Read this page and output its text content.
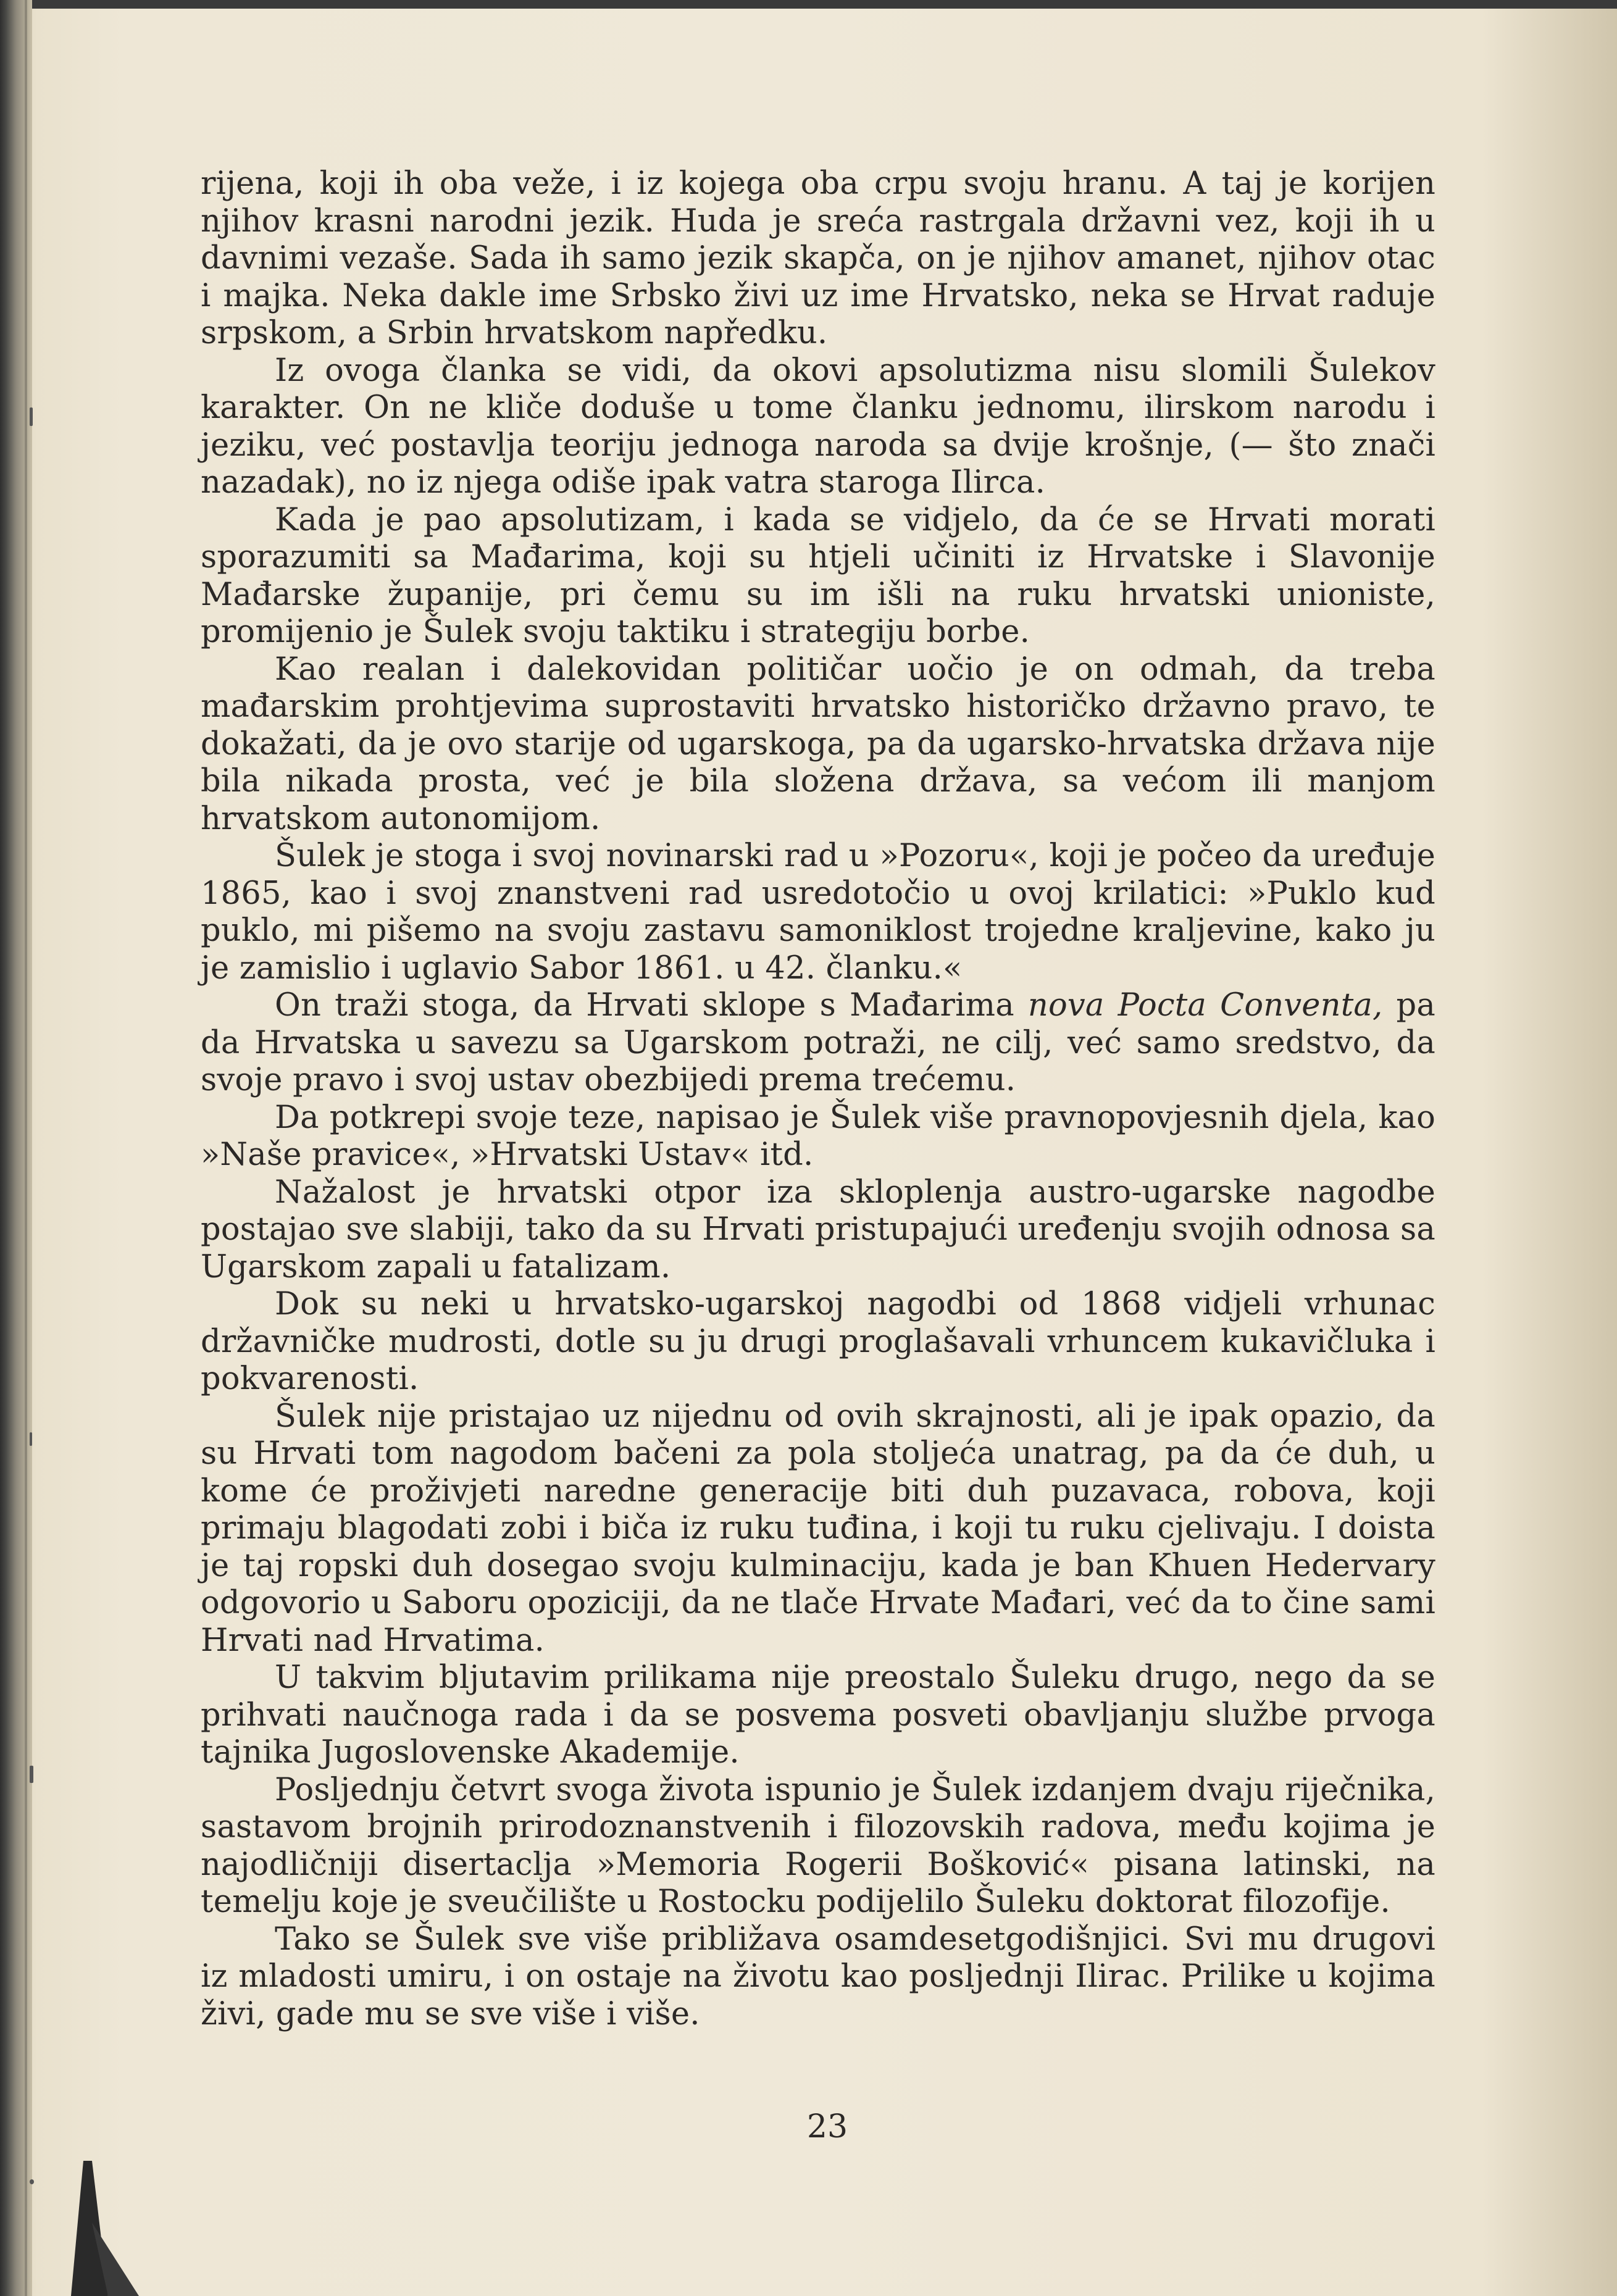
rijena, koji ih oba veže, i iz kojega oba crpu svoju hranu. A taj je korijen njihov krasni narodni jezik. Huda je sreća rastrgala državni vez, koji ih u davnimi vezaše. Sada ih samo jezik skapča, on je njihov amanet, njihov otac i majka. Neka dakle ime Srbsko živi uz ime Hrvatsko, neka se Hrvat raduje srpskom, a Srbin hrvatskom napředku.

Iz ovoga članka se vidi, da okovi apsolutizma nisu slomili Šulekov karakter. On ne kliče doduše u tome članku jednomu, ilirskom narodu i jeziku, već postavlja teoriju jednoga naroda sa dvije krošnje, (— što znači nazadak), no iz njega odiše ipak vatra staroga Ilirca.

Kada je pao apsolutizam, i kada se vidjelo, da će se Hrvati morati sporazumiti sa Mađarima, koji su htjeli učiniti iz Hrvatske i Slavonije Mađarske županije, pri čemu su im išli na ruku hrvatski unioniste, promijenio je Šulek svoju taktiku i strategiju borbe.

Kao realan i dalekovidan političar uočio je on odmah, da treba mađarskim prohtjevima suprostaviti hrvatsko historičko državno pravo, te dokažati, da je ovo starije od ugarskoga, pa da ugarsko-hrvatska država nije bila nikada prosta, već je bila složena država, sa većom ili manjom hrvatskom autonomijom.

Šulek je stoga i svoj novinarski rad u »Pozoru«, koji je počeo da uređuje 1865, kao i svoj znanstveni rad usredotočio u ovoj krilatici: »Puklo kud puklo, mi pišemo na svoju zastavu samoniklost trojedne kraljevine, kako ju je zamislio i uglavio Sabor 1861. u 42. članku.«

On traži stoga, da Hrvati sklope s Mađarima nova Pocta Conventa, pa da Hrvatska u savezu sa Ugarskom potraži, ne cilj, već samo sredstvo, da svoje pravo i svoj ustav obezbijedi prema trećemu.

Da potkrepi svoje teze, napisao je Šulek više pravnopovjesnih djela, kao »Naše pravice«, »Hrvatski Ustav« itd.

Nažalost je hrvatski otpor iza skloplenja austro-ugarske nagodbe postajao sve slabiji, tako da su Hrvati pristupajući uređenju svojih odnosa sa Ugarskom zapali u fatalizam.

Dok su neki u hrvatsko-ugarskoj nagodbi od 1868 vidjeli vrhunac državničke mudrosti, dotle su ju drugi proglašavali vrhuncem kukavičluka i pokvarenosti.

Šulek nije pristajao uz nijednu od ovih skrajnosti, ali je ipak opazio, da su Hrvati tom nagodom bačeni za pola stoljeća unatrag, pa da će duh, u kome će proživjeti naredne generacije biti duh puzavaca, robova, koji primaju blagodati zobi i biča iz ruku tuđina, i koji tu ruku cjelivaju. I doista je taj ropski duh dosegao svoju kulminaciju, kada je ban Khuen Hedervary odgovorio u Saboru opoziciji, da ne tlače Hrvate Mađari, već da to čine sami Hrvati nad Hrvatima.

U takvim bljutavim prilikama nije preostalo Šuleku drugo, nego da se prihvati naučnoga rada i da se posvema posveti obavljanju službe prvoga tajnika Jugoslovenske Akademije.

Posljednju četvrt svoga života ispunio je Šulek izdanjem dvaju riječnika, sastavom brojnih prirodoznanstvenih i filozovskih radova, među kojima je najodličniji disertaclja »Memoria Rogerii Bošković« pisana latinski, na temelju koje je sveučilište u Rostocku podijelilo Šuleku doktorat filozofije.

Tako se Šulek sve više približava osamdesetgodišnjici. Svi mu drugovi iz mladosti umiru, i on ostaje na životu kao posljednji Ilirac. Prilike u kojima živi, gade mu se sve više i više.

23
